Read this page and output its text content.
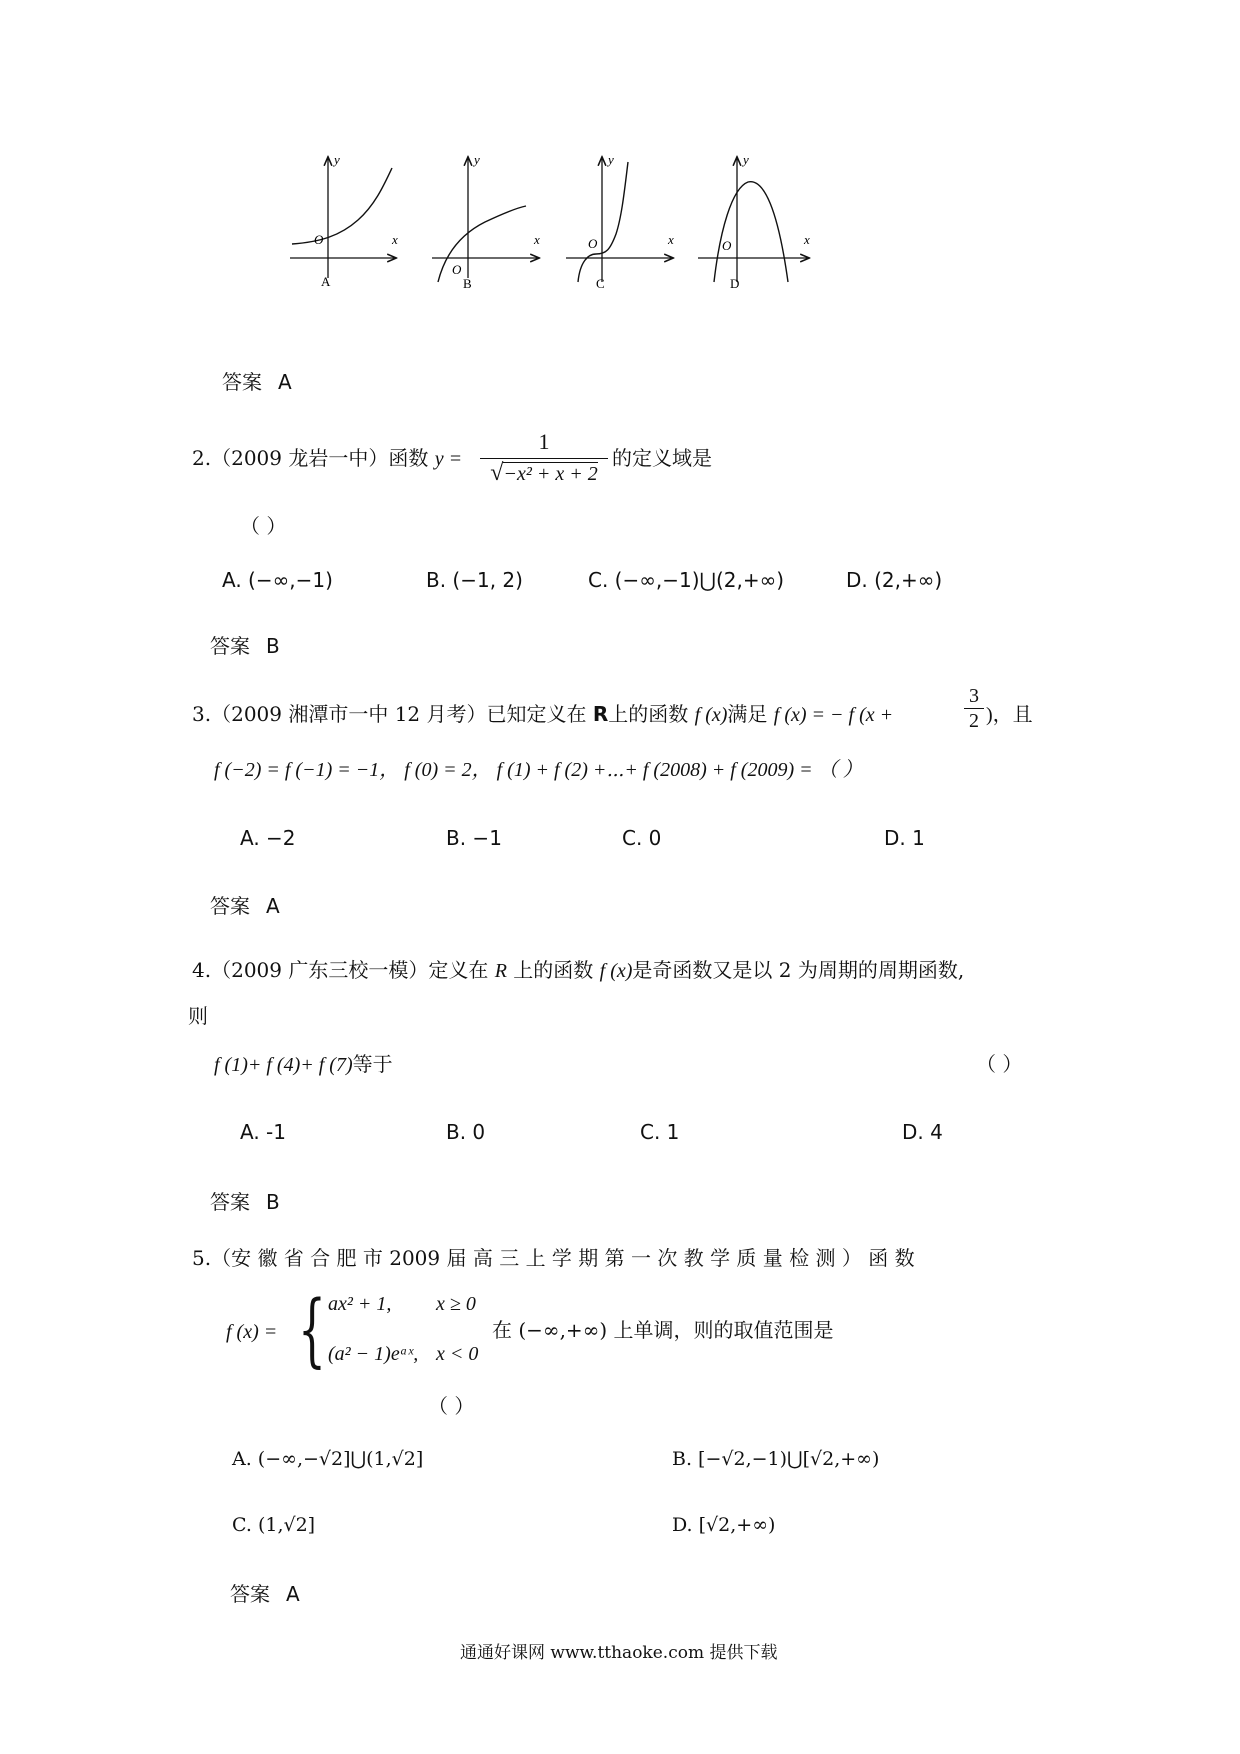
y
x
O
A
y
x
O
B
y
x
O
C
y
x
O
D
答案 A
2.（2009 龙岩一中）函数 y =
1
√−x² + x + 2
的定义域是
（ ）
A. (−∞,−1)	B. (−1, 2)	C. (−∞,−1)⋃(2,+∞)	D. (2,+∞)
答案 B
3.（2009 湘潭市一中 12 月考）已知定义在 R上的函数 f (x)满足 f (x) = − f (x +
3
2 )，且
f (−2) = f (−1) = −1， f (0) = 2， f (1) + f (2) +⋯+ f (2008) + f (2009) = （ ）
A. −2	B. −1	C. 0	D. 1
答案 A
4.（2009 广东三校一模）定义在 R 上的函数 f (x)是奇函数又是以 2 为周期的周期函数,
则
f (1)+ f (4)+ f (7)等于	（ ）
A. -1	B. 0	C. 1	D. 4
答案 B
5.（安 徽 省 合 肥 市 2009 届 高 三 上 学 期 第 一 次 教 学 质 量 检 测 ） 函 数
f (x) = { ax² + 1, x ≥ 0
(a² − 1)eᵃˣ, x < 0
在 (−∞,+∞) 上单调，则的取值范围是
（ ）
A. (−∞,−√2]⋃(1,√2]	B. [−√2,−1)⋃[√2,+∞)
C. (1,√2]	D. [√2,+∞)
答案 A
通通好课网 www.tthaoke.com 提供下载
